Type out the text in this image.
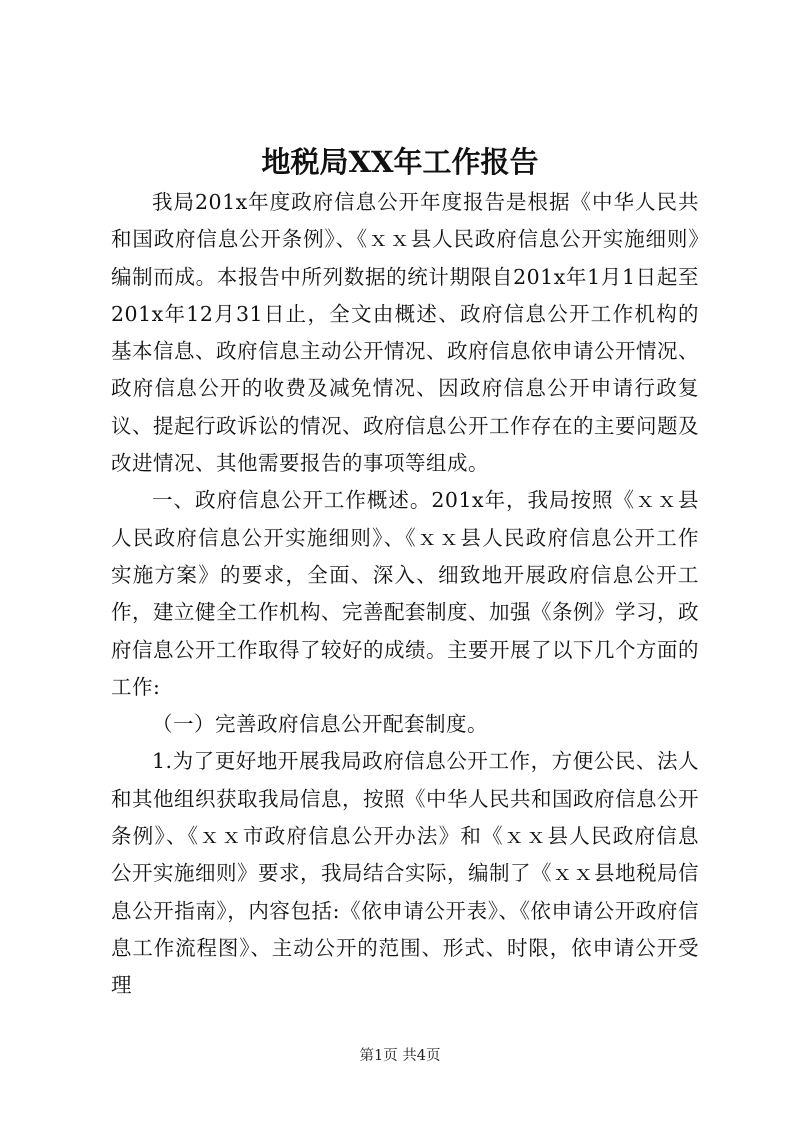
地税局XX年工作报告

我局201x年度政府信息公开年度报告是根据《中华人民共和国政府信息公开条例》、《ｘｘ县人民政府信息公开实施细则》编制而成。本报告中所列数据的统计期限自201x年1月1日起至201x年12月31日止，全文由概述、政府信息公开工作机构的基本信息、政府信息主动公开情况、政府信息依申请公开情况、政府信息公开的收费及减免情况、因政府信息公开申请行政复议、提起行政诉讼的情况、政府信息公开工作存在的主要问题及改进情况、其他需要报告的事项等组成。

一、政府信息公开工作概述。201x年，我局按照《ｘｘ县人民政府信息公开实施细则》、《ｘｘ县人民政府信息公开工作实施方案》的要求，全面、深入、细致地开展政府信息公开工作，建立健全工作机构、完善配套制度、加强《条例》学习，政府信息公开工作取得了较好的成绩。主要开展了以下几个方面的工作:

（一）完善政府信息公开配套制度。

1.为了更好地开展我局政府信息公开工作，方便公民、法人和其他组织获取我局信息，按照《中华人民共和国政府信息公开条例》、《ｘｘ市政府信息公开办法》和《ｘｘ县人民政府信息公开实施细则》要求，我局结合实际，编制了《ｘｘ县地税局信息公开指南》，内容包括:《依申请公开表》、《依申请公开政府信息工作流程图》、主动公开的范围、形式、时限，依申请公开受理

第1页 共4页
